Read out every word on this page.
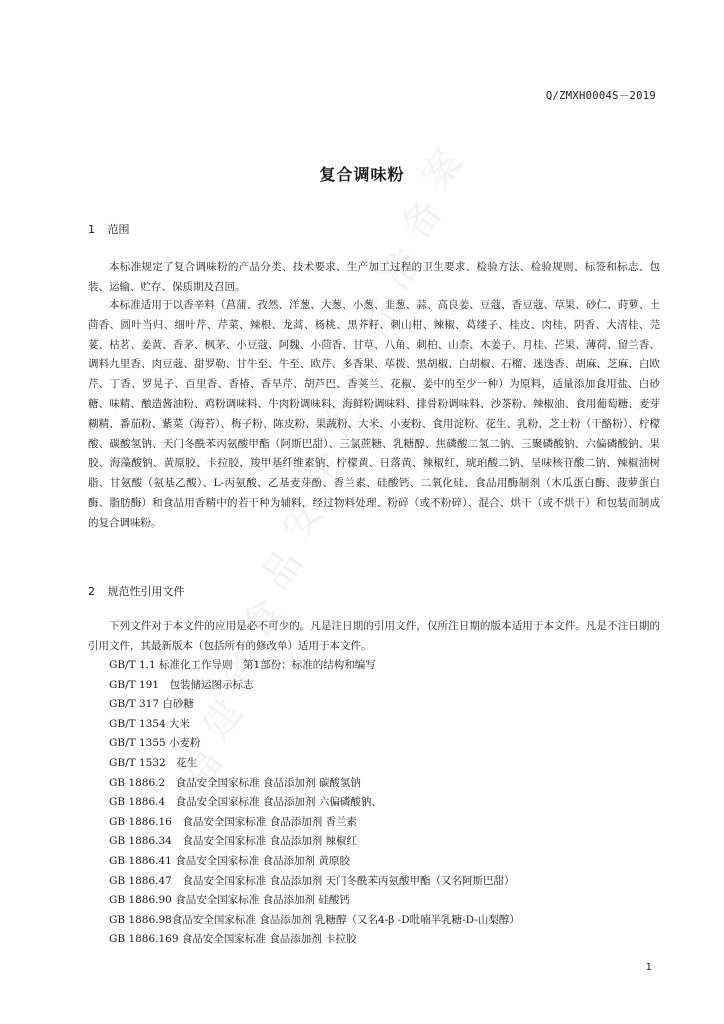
案
备
准
标
业
企
全
安
品
食
省
建
福
Q/ZMXH0004S－2019
复合调味粉
1 范围
本标准规定了复合调味粉的产品分类、技术要求、生产加工过程的卫生要求、检验方法、检验规则、标签和标志、包装、运输、贮存、保质期及召回。
本标准适用于以香辛料（菖蒲、孜然、洋葱、大葱、小葱、韭葱、蒜、高良姜、豆蔻、香豆蔻、草果、砂仁、莳萝、土茴香、圆叶当归、细叶芹、芹菜、辣根、龙蒿、杨桃、黑芥籽、刺山柑、辣椒、葛缕子、桂皮、肉桂、阴香、大清桂、芫荽、枯茗、姜黄、香茅、枫茅、小豆蔻、阿魏、小茴香、甘草、八角、刺柏、山柰、木姜子、月桂、芒果、薄荷、留兰香、调料九里香、肉豆蔻、甜罗勒、甘牛至、牛至、欧芹、多香果、荜拨、黑胡椒、白胡椒、石榴、迷迭香、胡麻、芝麻、白欧芹、丁香、罗晃子、百里香、香椿、香旱芹、胡芦巴、香荚兰、花椒、姜中的至少一种）为原料，适量添加食用盐、白砂糖、味精、酿造酱油粉、鸡粉调味料、牛肉粉调味料、海鲜粉调味料、排骨粉调味料、沙茶粉、辣椒油、食用葡萄糖、麦芽糊精、番茄粉、紫菜（海苔）、梅子粉、陈皮粉、果蔬粉、大米、小麦粉、食用淀粉、花生、乳粉、芝士粉（干酪粉）、柠檬酸、碳酸氢钠、天门冬酰苯丙氨酸甲酯（阿斯巴甜）、三氯蔗糖、乳糖醇、焦磷酸二氢二钠、三聚磷酸钠、六偏磷酸钠、果胶、海藻酸钠、黄原胶、卡拉胶、羧甲基纤维素钠、柠檬黄、日落黄、辣椒红、琥珀酸二钠、呈味核苷酸二钠、辣椒油树脂、甘氨酸（氨基乙酸）、L-丙氨酸、乙基麦芽酚、香兰素、硅酸钙、二氧化硅、食品用酶制剂（木瓜蛋白酶、菠萝蛋白酶、脂肪酶）和食品用香精中的若干种为辅料，经过物料处理、粉碎（或不粉碎）、混合、烘干（或不烘干）和包装而制成的复合调味粉。
2 规范性引用文件
下列文件对于本文件的应用是必不可少的。凡是注日期的引用文件，仅所注日期的版本适用于本文件。凡是不注日期的引用文件，其最新版本（包括所有的修改单）适用于本文件。
GB/T 1.1 标准化工作导则　第1部份：标准的结构和编写
GB/T 191　包装储运图示标志
GB/T 317 白砂糖
GB/T 1354 大米
GB/T 1355 小麦粉
GB/T 1532　花生
GB 1886.2　食品安全国家标准 食品添加剂 碳酸氢钠
GB 1886.4　食品安全国家标准 食品添加剂 六偏磷酸钠、
GB 1886.16　食品安全国家标准 食品添加剂 香兰素
GB 1886.34　食品安全国家标准 食品添加剂 辣椒红
GB 1886.41 食品安全国家标准 食品添加剂 黄原胶
GB 1886.47　食品安全国家标准 食品添加剂 天门冬酰苯丙氨酸甲酯（又名阿斯巴甜）
GB 1886.90 食品安全国家标准 食品添加剂 硅酸钙
GB 1886.98食品安全国家标准 食品添加剂 乳糖醇（又名4-β -D吡喃半乳糖-D-山梨醇）
GB 1886.169 食品安全国家标准 食品添加剂 卡拉胶
1
